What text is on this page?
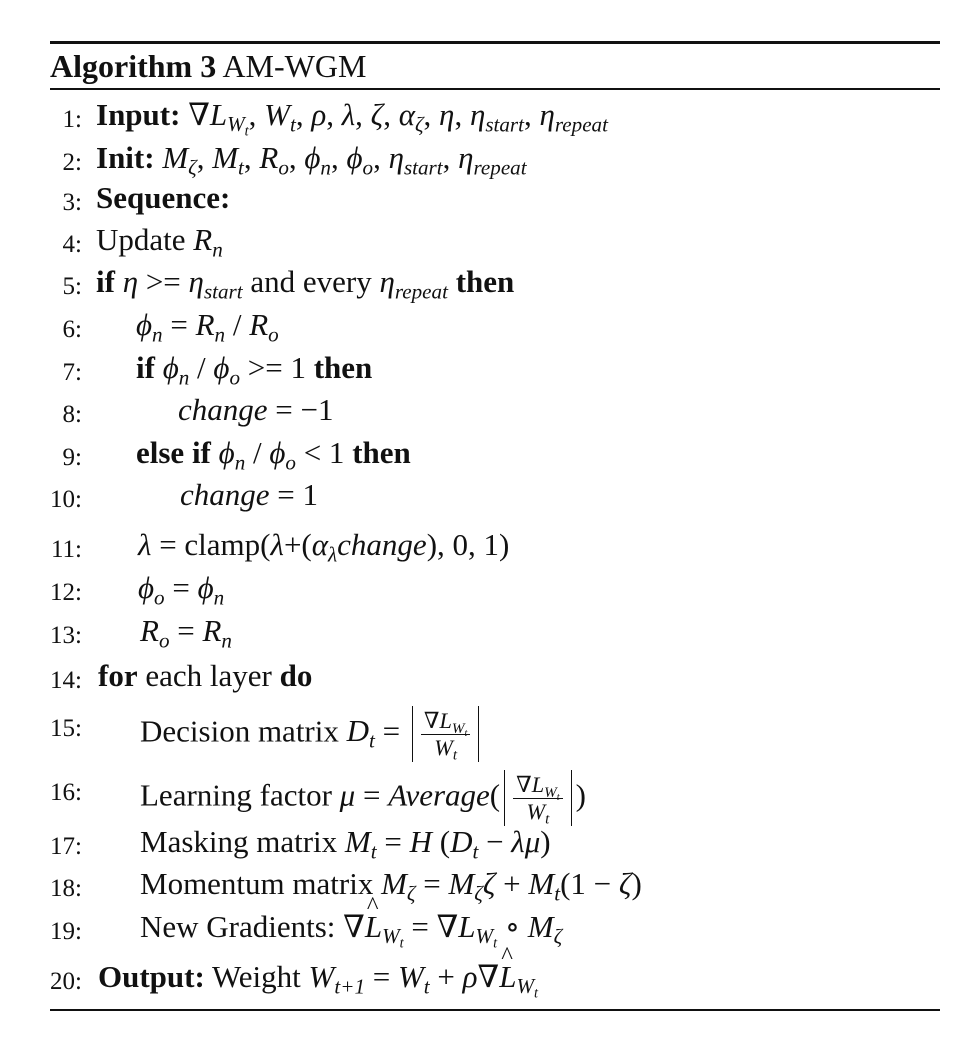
Algorithm 3 AM-WGM
1: Input: $\nabla L_{W_t}$, $W_t$, ρ, λ, ζ, $\alpha_\zeta$, η, $\eta_{start}$, $\eta_{repeat}$
2: Init: $M_\zeta$, $M_t$, $R_o$, $\phi_n$, $\phi_o$, $\eta_{start}$, $\eta_{repeat}$
3: Sequence:
4: Update $R_n$
5: if $\eta >= \eta_{start}$ and every $\eta_{repeat}$ then
6: $\phi_n = R_n / R_o$
7: if $\phi_n / \phi_o >= 1$ then
8:	change = −1
9: else if $\phi_n / \phi_o < 1$ then
10:	change = 1
11: $\lambda = clamp(\lambda+(\alpha_\lambda change)$, 0, 1)
12: $\phi_o = \phi_n$
13: $R_o = R_n$
14: for each layer do
15: Decision matrix $D_t = \frac{\nabla L_{W_t}}{W_t}$
16: Learning factor μ = Average( $\frac{\nabla L_{W_t}}{W_t}$ )
17: Masking matrix $M_t = H$ $(D_t - \lambda\mu)$
18: Momentum matrix $M_\zeta = M_\zeta\zeta + M_t(1 - \zeta)$
19: New Gradients: ∇^ $L_{W_t} = \nabla L_{W_t}$ ∘ $M_\zeta$
20: Output: Weight $W_{t+1} = W_t$ + ρ∇^ $L_{W_t}$
